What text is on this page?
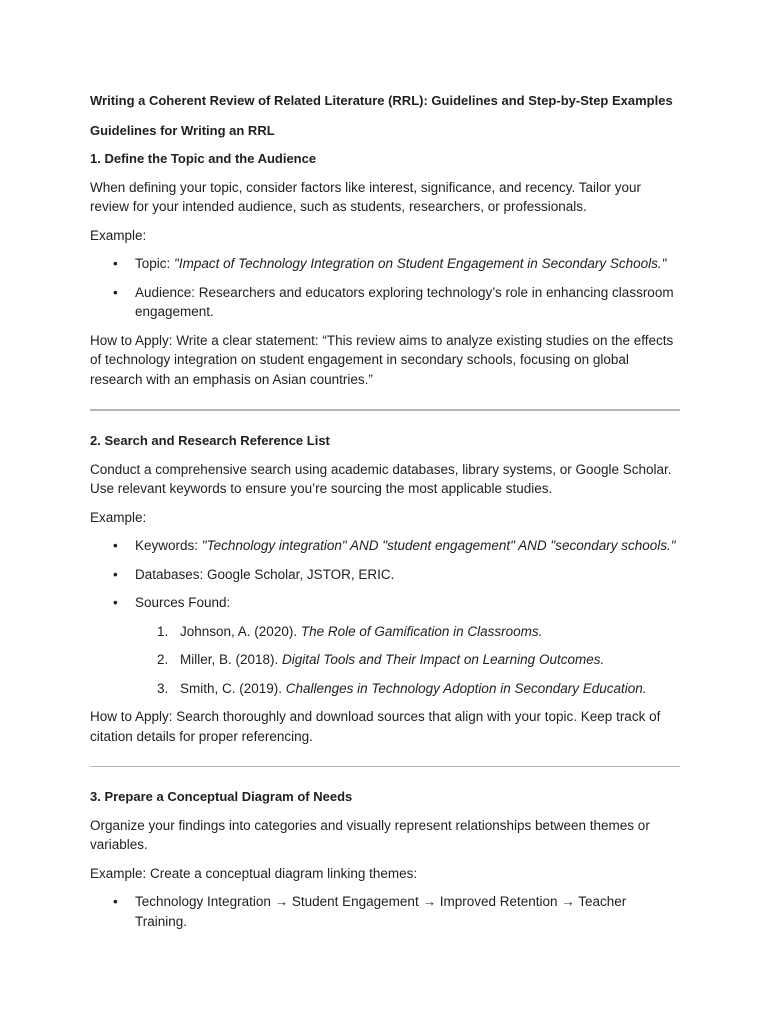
Writing a Coherent Review of Related Literature (RRL): Guidelines and Step-by-Step Examples
Guidelines for Writing an RRL
1. Define the Topic and the Audience

When defining your topic, consider factors like interest, significance, and recency. Tailor your review for your intended audience, such as students, researchers, or professionals.

Example:

• Topic: "Impact of Technology Integration on Student Engagement in Secondary Schools."
• Audience: Researchers and educators exploring technology’s role in enhancing classroom engagement.

How to Apply: Write a clear statement: “This review aims to analyze existing studies on the effects of technology integration on student engagement in secondary schools, focusing on global research with an emphasis on Asian countries.”

2. Search and Research Reference List

Conduct a comprehensive search using academic databases, library systems, or Google Scholar. Use relevant keywords to ensure you’re sourcing the most applicable studies.

Example:

• Keywords: "Technology integration" AND "student engagement" AND "secondary schools."
• Databases: Google Scholar, JSTOR, ERIC.
• Sources Found:
1. Johnson, A. (2020). The Role of Gamification in Classrooms.
2. Miller, B. (2018). Digital Tools and Their Impact on Learning Outcomes.
3. Smith, C. (2019). Challenges in Technology Adoption in Secondary Education.

How to Apply: Search thoroughly and download sources that align with your topic. Keep track of citation details for proper referencing.

3. Prepare a Conceptual Diagram of Needs

Organize your findings into categories and visually represent relationships between themes or variables.

Example: Create a conceptual diagram linking themes:

• Technology Integration → Student Engagement → Improved Retention → Teacher Training.
